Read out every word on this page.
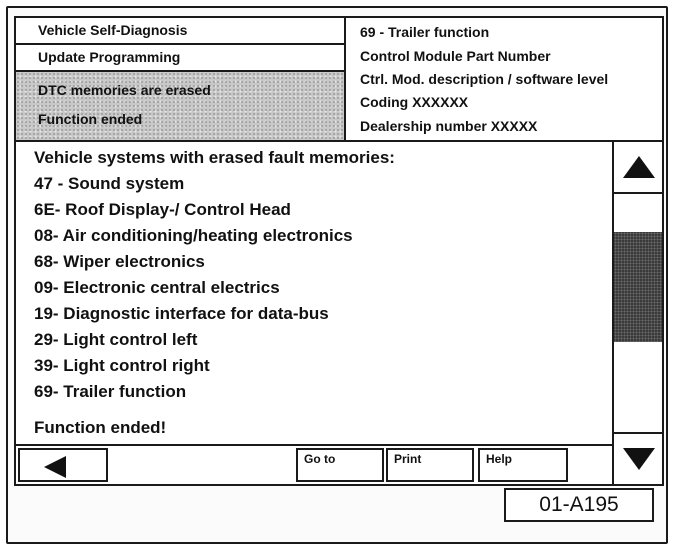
Vehicle Self-Diagnosis
Update Programming
DTC memories are erased
Function ended
69 - Trailer function
Control Module Part Number
Ctrl. Mod. description / software level
Coding XXXXXX
Dealership number XXXXX
Vehicle systems with erased fault memories:
47 - Sound system
6E- Roof Display-/ Control Head
08- Air conditioning/heating electronics
68- Wiper electronics
09- Electronic central electrics
19- Diagnostic interface for data-bus
29- Light control left
39- Light control right
69- Trailer function
Function ended!
Go to	Print	Help
01-A195
